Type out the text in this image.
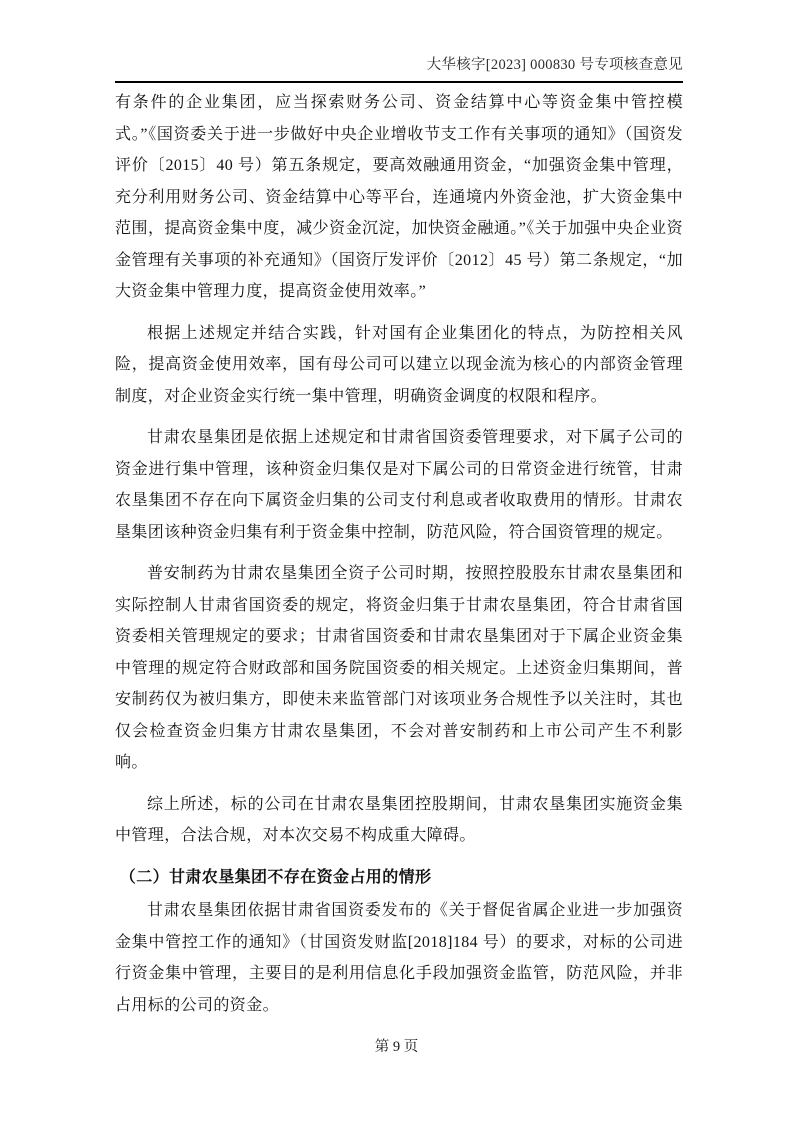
大华核字[2023] 000830 号专项核查意见

有条件的企业集团，应当探索财务公司、资金结算中心等资金集中管控模式。”《国资委关于进一步做好中央企业增收节支工作有关事项的通知》（国资发评价〔2015〕40 号）第五条规定，要高效融通用资金，“加强资金集中管理，充分利用财务公司、资金结算中心等平台，连通境内外资金池，扩大资金集中范围，提高资金集中度，减少资金沉淀，加快资金融通。”《关于加强中央企业资金管理有关事项的补充通知》（国资厅发评价〔2012〕45 号）第二条规定，“加大资金集中管理力度，提高资金使用效率。”

根据上述规定并结合实践，针对国有企业集团化的特点，为防控相关风险，提高资金使用效率，国有母公司可以建立以现金流为核心的内部资金管理制度，对企业资金实行统一集中管理，明确资金调度的权限和程序。

甘肃农垦集团是依据上述规定和甘肃省国资委管理要求，对下属子公司的资金进行集中管理，该种资金归集仅是对下属公司的日常资金进行统管，甘肃农垦集团不存在向下属资金归集的公司支付利息或者收取费用的情形。甘肃农垦集团该种资金归集有利于资金集中控制，防范风险，符合国资管理的规定。

普安制药为甘肃农垦集团全资子公司时期，按照控股股东甘肃农垦集团和实际控制人甘肃省国资委的规定，将资金归集于甘肃农垦集团，符合甘肃省国资委相关管理规定的要求；甘肃省国资委和甘肃农垦集团对于下属企业资金集中管理的规定符合财政部和国务院国资委的相关规定。上述资金归集期间，普安制药仅为被归集方，即使未来监管部门对该项业务合规性予以关注时，其也仅会检查资金归集方甘肃农垦集团，不会对普安制药和上市公司产生不利影响。

综上所述，标的公司在甘肃农垦集团控股期间，甘肃农垦集团实施资金集中管理，合法合规，对本次交易不构成重大障碍。

（二）甘肃农垦集团不存在资金占用的情形

甘肃农垦集团依据甘肃省国资委发布的《关于督促省属企业进一步加强资金集中管控工作的通知》（甘国资发财监[2018]184 号）的要求，对标的公司进行资金集中管理，主要目的是利用信息化手段加强资金监管，防范风险，并非占用标的公司的资金。

第 9 页
